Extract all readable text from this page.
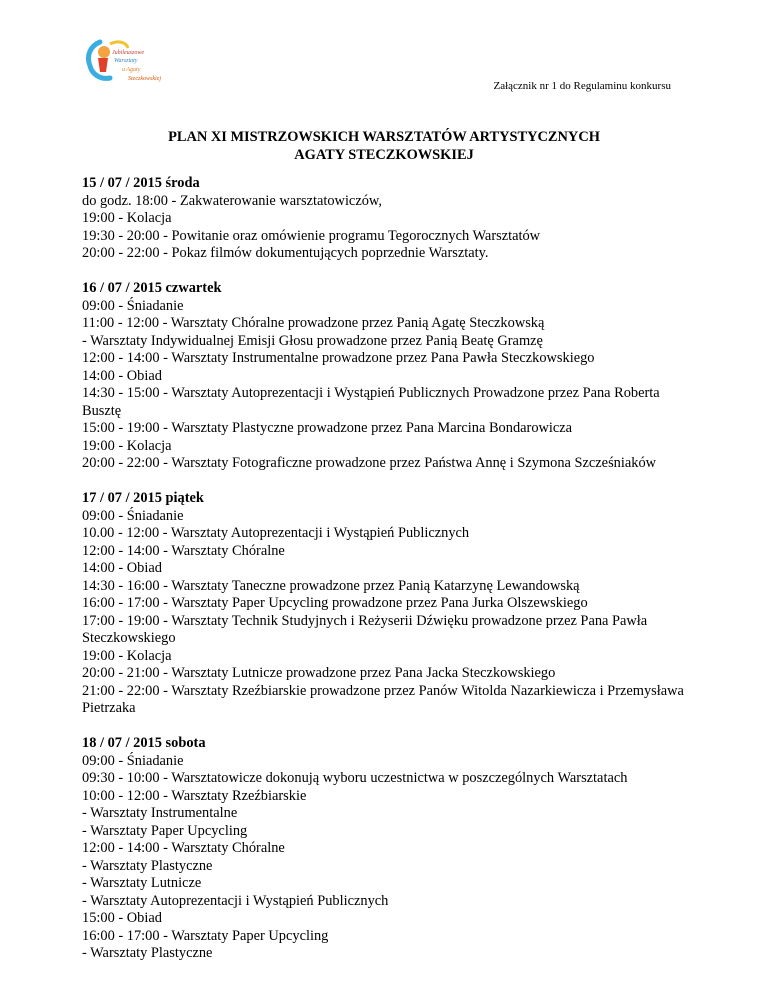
Jubileuszowe
Warsztaty
u Agaty
Steczkowskiej
Załącznik nr 1 do Regulaminu konkursu
PLAN XI MISTRZOWSKICH WARSZTATÓW ARTYSTYCZNYCH
AGATY STECZKOWSKIEJ
15 / 07 / 2015 środa
do godz. 18:00 - Zakwaterowanie warsztatowiczów,
19:00 - Kolacja
19:30 - 20:00 - Powitanie oraz omówienie programu Tegorocznych Warsztatów
20:00 - 22:00 - Pokaz filmów dokumentujących poprzednie Warsztaty.
16 / 07 / 2015 czwartek
09:00 - Śniadanie
11:00 - 12:00 - Warsztaty Chóralne prowadzone przez Panią Agatę Steczkowską
- Warsztaty Indywidualnej Emisji Głosu prowadzone przez Panią Beatę Gramzę
12:00 - 14:00 - Warsztaty Instrumentalne prowadzone przez Pana Pawła Steczkowskiego
14:00 - Obiad
14:30 - 15:00 - Warsztaty Autoprezentacji i Wystąpień Publicznych Prowadzone przez Pana Roberta Busztę
15:00 - 19:00 - Warsztaty Plastyczne prowadzone przez Pana Marcina Bondarowicza
19:00 - Kolacja
20:00 - 22:00 - Warsztaty Fotograficzne prowadzone przez Państwa Annę i Szymona Szcześniaków
17 / 07 / 2015 piątek
09:00 - Śniadanie
10.00 - 12:00 - Warsztaty Autoprezentacji i Wystąpień Publicznych
12:00 - 14:00 - Warsztaty Chóralne
14:00 - Obiad
14:30 - 16:00 - Warsztaty Taneczne prowadzone przez Panią Katarzynę Lewandowską
16:00 - 17:00 - Warsztaty Paper Upcycling prowadzone przez Pana Jurka Olszewskiego
17:00 - 19:00 - Warsztaty Technik Studyjnych i Reżyserii Dźwięku prowadzone przez Pana Pawła Steczkowskiego
19:00 - Kolacja
20:00 - 21:00 - Warsztaty Lutnicze prowadzone przez Pana Jacka Steczkowskiego
21:00 - 22:00 - Warsztaty Rzeźbiarskie prowadzone przez Panów Witolda Nazarkiewicza i Przemysława Pietrzaka
18 / 07 / 2015 sobota
09:00 - Śniadanie
09:30 - 10:00 - Warsztatowicze dokonują wyboru uczestnictwa w poszczególnych Warsztatach
10:00 - 12:00 - Warsztaty Rzeźbiarskie
- Warsztaty Instrumentalne
- Warsztaty Paper Upcycling
12:00 - 14:00 - Warsztaty Chóralne
- Warsztaty Plastyczne
- Warsztaty Lutnicze
- Warsztaty Autoprezentacji i Wystąpień Publicznych
15:00 - Obiad
16:00 - 17:00 - Warsztaty Paper Upcycling
- Warsztaty Plastyczne
